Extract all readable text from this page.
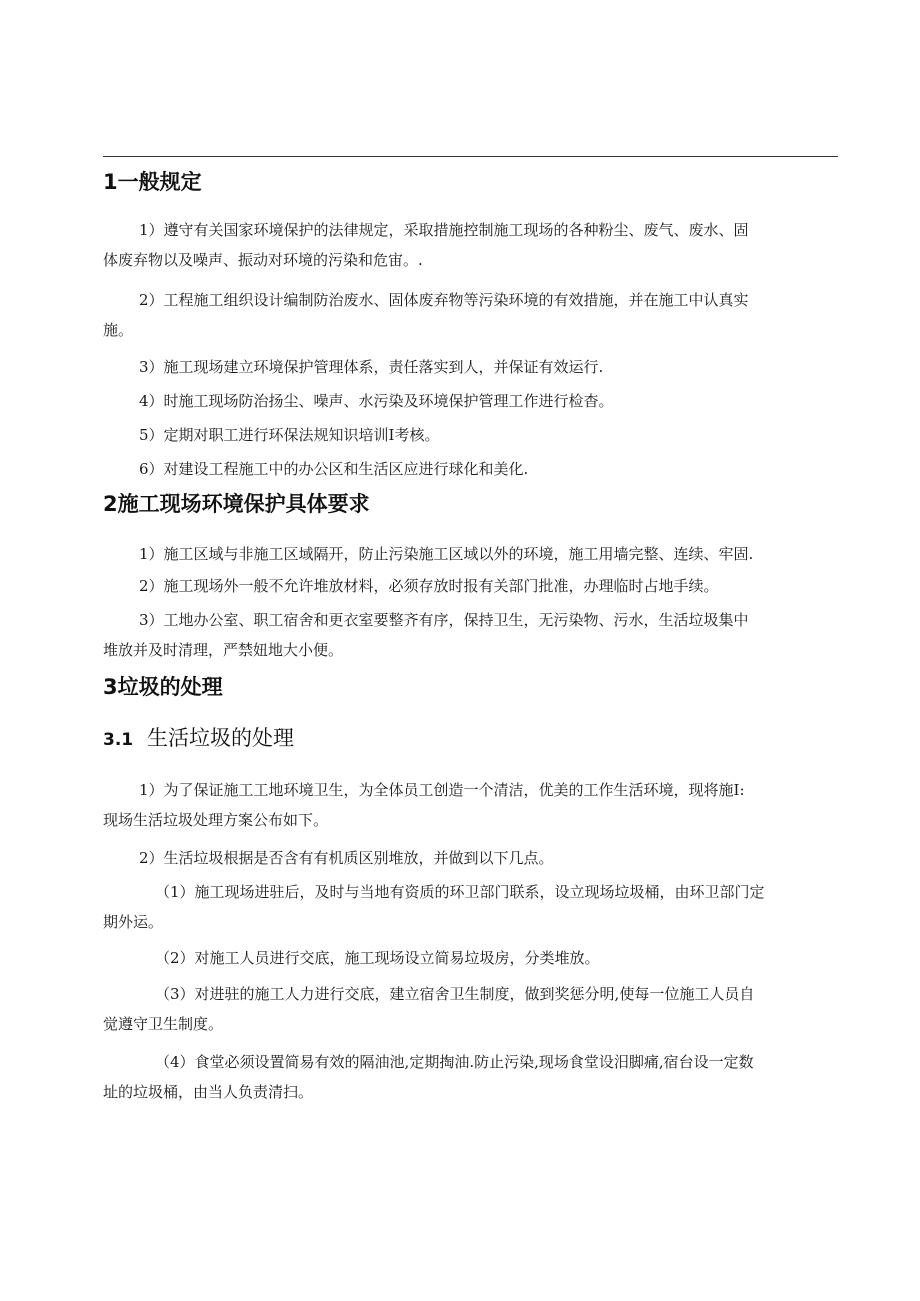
1一般规定
1）遵守有关国家环境保护的法律规定，采取措施控制施工现场的各种粉尘、废气、废水、固
体废弃物以及噪声、振动对环境的污染和危宙。.
2）工程施工组织设计编制防治废水、固体废弃物等污染环境的有效措施，并在施工中认真实
施。
3）施工现场建立环境保护管理体系，责任落实到人，并保证有效运行.
4）时施工现场防治扬尘、噪声、水污染及环境保护管理工作进行检杳。
5）定期对职工进行环保法规知识培训I考核。
6）对建设工程施工中的办公区和生活区应进行球化和美化.
2施工现场环境保护具体要求
1）施工区域与非施工区域隔开，防止污染施工区域以外的环境，施工用墙完整、连续、牢固.
2）施工现场外一般不允许堆放材料，必须存放时报有关部门批准，办理临时占地手续。
3）工地办公室、职工宿舍和更衣室要整齐有序，保持卫生，无污染物、污水，生活垃圾集中
堆放并及时清理，严禁妞地大小便。
3垃圾的处理
3.1 生活垃圾的处理
1）为了保证施工工地环境卫生，为全体员工创造一个清洁，优美的工作生活环境，现将施I:
现场生活垃圾处理方案公布如下。
2）生活垃圾根据是否含有有机质区别堆放，并做到以下几点。
（1）施工现场进驻后，及时与当地有资质的环卫部门联系，设立现场垃圾桶，由环卫部门定
期外运。
（2）对施工人员进行交底，施工现场设立简易垃圾房，分类堆放。
（3）对进驻的施工人力进行交底，建立宿舍卫生制度，做到奖惩分明,使每一位施工人员自
觉遵守卫生制度。
（4）食堂必须设置简易有效的隔油池,定期掏油.防止污染,现场食堂设汨脚痛,宿台设一定数
址的垃圾桶，由当人负责清扫。
